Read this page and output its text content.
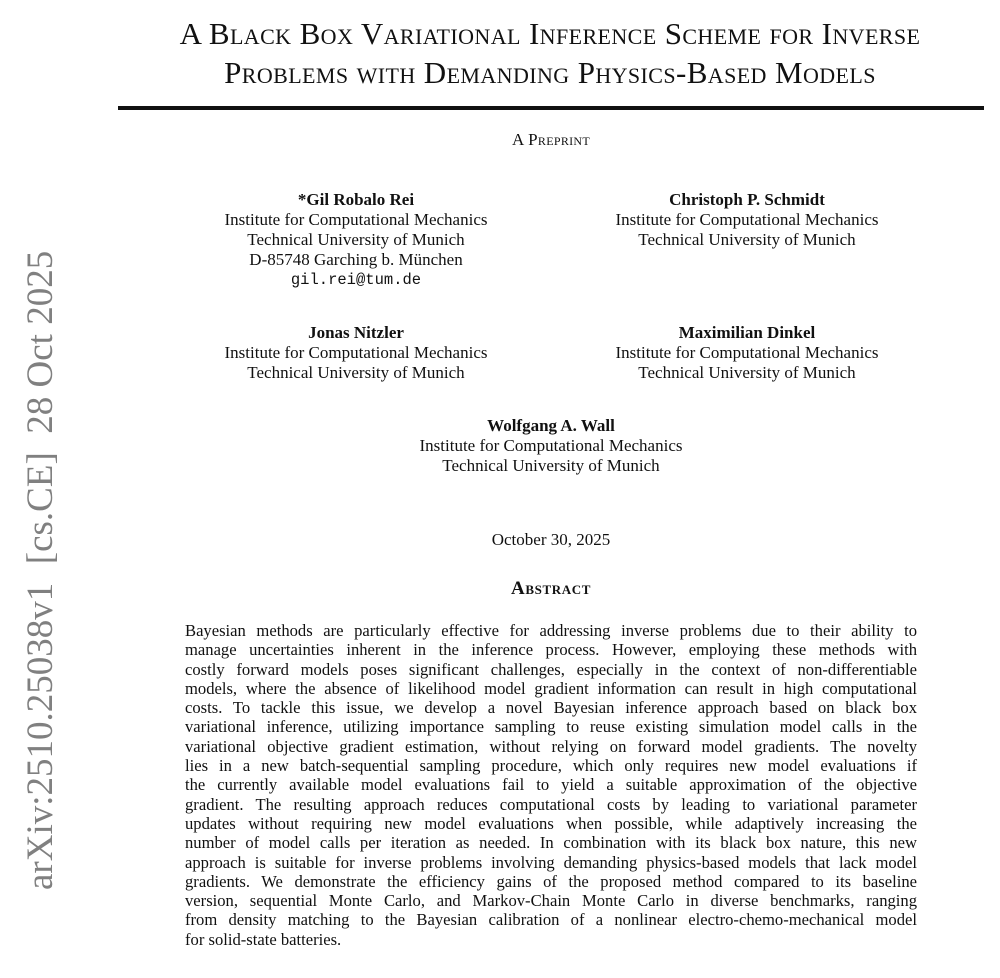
arXiv:2510.25038v1  [cs.CE]  28 Oct 2025
A Black Box Variational Inference Scheme for Inverse
Problems with Demanding Physics-Based Models
A Preprint
*Gil Robalo Rei
Institute for Computational Mechanics
Technical University of Munich
D-85748 Garching b. München
gil.rei@tum.de
Christoph P. Schmidt
Institute for Computational Mechanics
Technical University of Munich
Jonas Nitzler
Institute for Computational Mechanics
Technical University of Munich
Maximilian Dinkel
Institute for Computational Mechanics
Technical University of Munich
Wolfgang A. Wall
Institute for Computational Mechanics
Technical University of Munich
October 30, 2025
Abstract
Bayesian methods are particularly effective for addressing inverse problems due to their ability to
manage uncertainties inherent in the inference process. However, employing these methods with
costly forward models poses significant challenges, especially in the context of non-differentiable
models, where the absence of likelihood model gradient information can result in high computational
costs. To tackle this issue, we develop a novel Bayesian inference approach based on black box
variational inference, utilizing importance sampling to reuse existing simulation model calls in the
variational objective gradient estimation, without relying on forward model gradients. The novelty
lies in a new batch-sequential sampling procedure, which only requires new model evaluations if
the currently available model evaluations fail to yield a suitable approximation of the objective
gradient. The resulting approach reduces computational costs by leading to variational parameter
updates without requiring new model evaluations when possible, while adaptively increasing the
number of model calls per iteration as needed. In combination with its black box nature, this new
approach is suitable for inverse problems involving demanding physics-based models that lack model
gradients. We demonstrate the efficiency gains of the proposed method compared to its baseline
version, sequential Monte Carlo, and Markov-Chain Monte Carlo in diverse benchmarks, ranging
from density matching to the Bayesian calibration of a nonlinear electro-chemo-mechanical model
for solid-state batteries.
